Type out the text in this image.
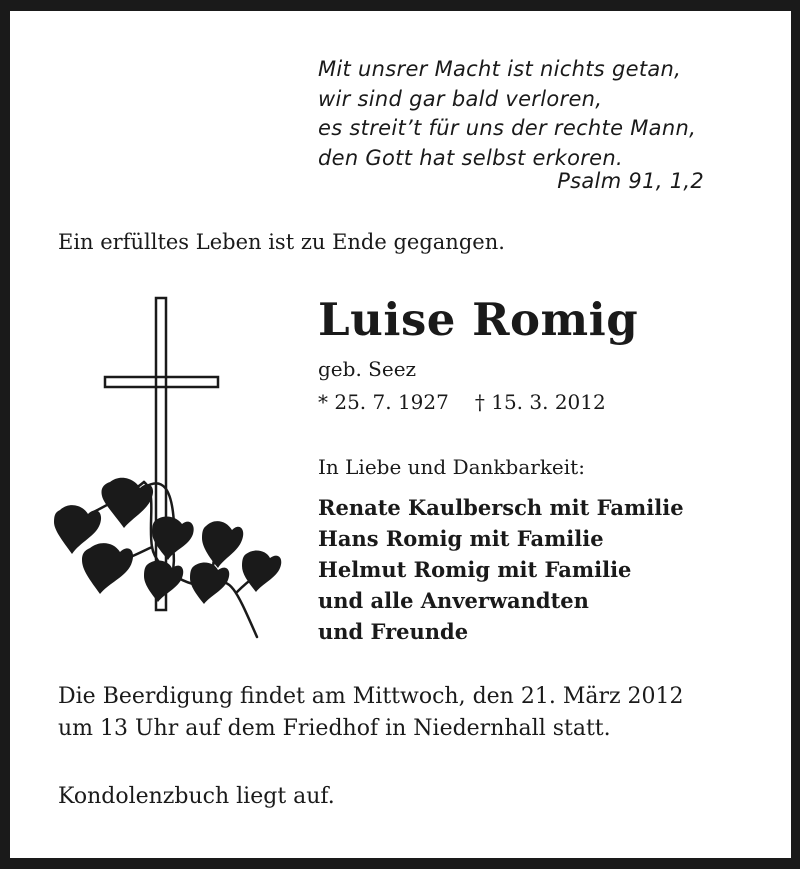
Mit unsrer Macht ist nichts getan,
wir sind gar bald verloren,
es streit’t für uns der rechte Mann,
den Gott hat selbst erkoren.
Psalm 91, 1,2
Ein erfülltes Leben ist zu Ende gegangen.
Luise Romig
geb. Seez
* 25. 7. 1927 † 15. 3. 2012
In Liebe und Dankbarkeit:
Renate Kaulbersch mit Familie
Hans Romig mit Familie
Helmut Romig mit Familie
und alle Anverwandten
und Freunde
Die Beerdigung findet am Mittwoch, den 21. März 2012
um 13 Uhr auf dem Friedhof in Niedernhall statt.
Kondolenzbuch liegt auf.
